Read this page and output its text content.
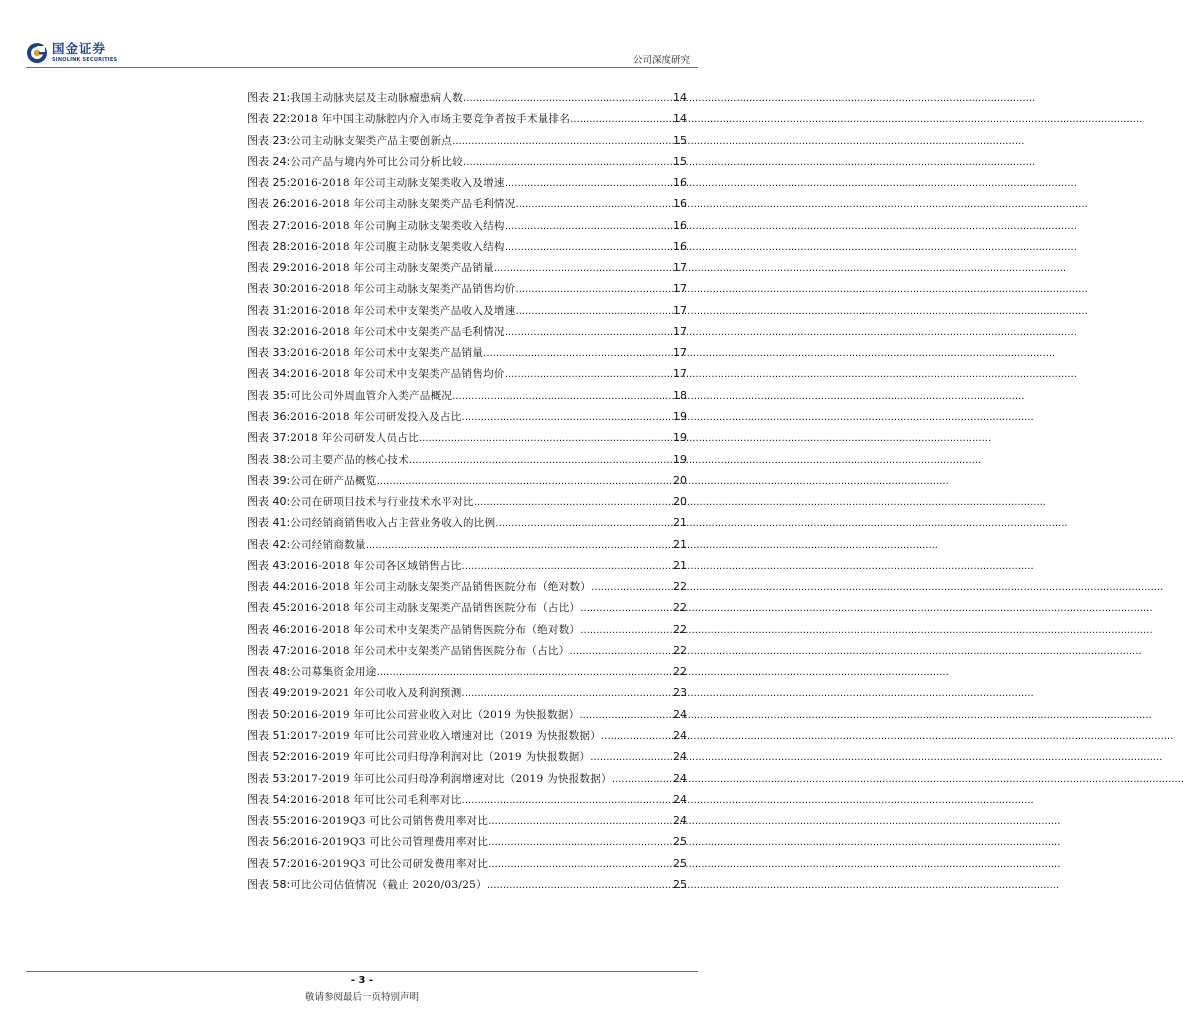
国金证券
SINOLINK SECURITIES	公司深度研究
图表 21: 我国主动脉夹层及主动脉瘤患病人数 .....	14
图表 22: 2018 年中国主动脉腔内介入市场主要竞争者按手术量排名 .....	14
图表 23: 公司主动脉支架类产品主要创新点 .....	15
图表 24: 公司产品与境内外可比公司分析比较 .....	15
图表 25: 2016-2018 年公司主动脉支架类收入及增速 .....	16
图表 26: 2016-2018 年公司主动脉支架类产品毛利情况 .....	16
图表 27: 2016-2018 年公司胸主动脉支架类收入结构 .....	16
图表 28: 2016-2018 年公司腹主动脉支架类收入结构 .....	16
图表 29: 2016-2018 年公司主动脉支架类产品销量 .....	17
图表 30: 2016-2018 年公司主动脉支架类产品销售均价 .....	17
图表 31: 2016-2018 年公司术中支架类产品收入及增速 .....	17
图表 32: 2016-2018 年公司术中支架类产品毛利情况 .....	17
图表 33: 2016-2018 年公司术中支架类产品销量 .....	17
图表 34: 2016-2018 年公司术中支架类产品销售均价 .....	17
图表 35: 可比公司外周血管介入类产品概况 .....	18
图表 36: 2016-2018 年公司研发投入及占比 .....	19
图表 37: 2018 年公司研发人员占比 .....	19
图表 38: 公司主要产品的核心技术 .....	19
图表 39: 公司在研产品概览 .....	20
图表 40: 公司在研项目技术与行业技术水平对比 .....	20
图表 41: 公司经销商销售收入占主营业务收入的比例 .....	21
图表 42: 公司经销商数量 .....	21
图表 43: 2016-2018 年公司各区域销售占比 .....	21
图表 44: 2016-2018 年公司主动脉支架类产品销售医院分布（绝对数） .....	22
图表 45: 2016-2018 年公司主动脉支架类产品销售医院分布（占比） .....	22
图表 46: 2016-2018 年公司术中支架类产品销售医院分布（绝对数） .....	22
图表 47: 2016-2018 年公司术中支架类产品销售医院分布（占比） .....	22
图表 48: 公司募集资金用途 .....	22
图表 49: 2019-2021 年公司收入及利润预测 .....	23
图表 50: 2016-2019 年可比公司营业收入对比（2019 为快报数据） .....	24
图表 51: 2017-2019 年可比公司营业收入增速对比（2019 为快报数据） .....	24
图表 52: 2016-2019 年可比公司归母净利润对比（2019 为快报数据） .....	24
图表 53: 2017-2019 年可比公司归母净利润增速对比（2019 为快报数据） .....	24
图表 54: 2016-2018 年可比公司毛利率对比 .....	24
图表 55: 2016-2019Q3 可比公司销售费用率对比 .....	24
图表 56: 2016-2019Q3 可比公司管理费用率对比 .....	25
图表 57: 2016-2019Q3 可比公司研发费用率对比 .....	25
图表 58: 可比公司估值情况（截止 2020/03/25） .....	25
- 3 -
敬请参阅最后一页特别声明
